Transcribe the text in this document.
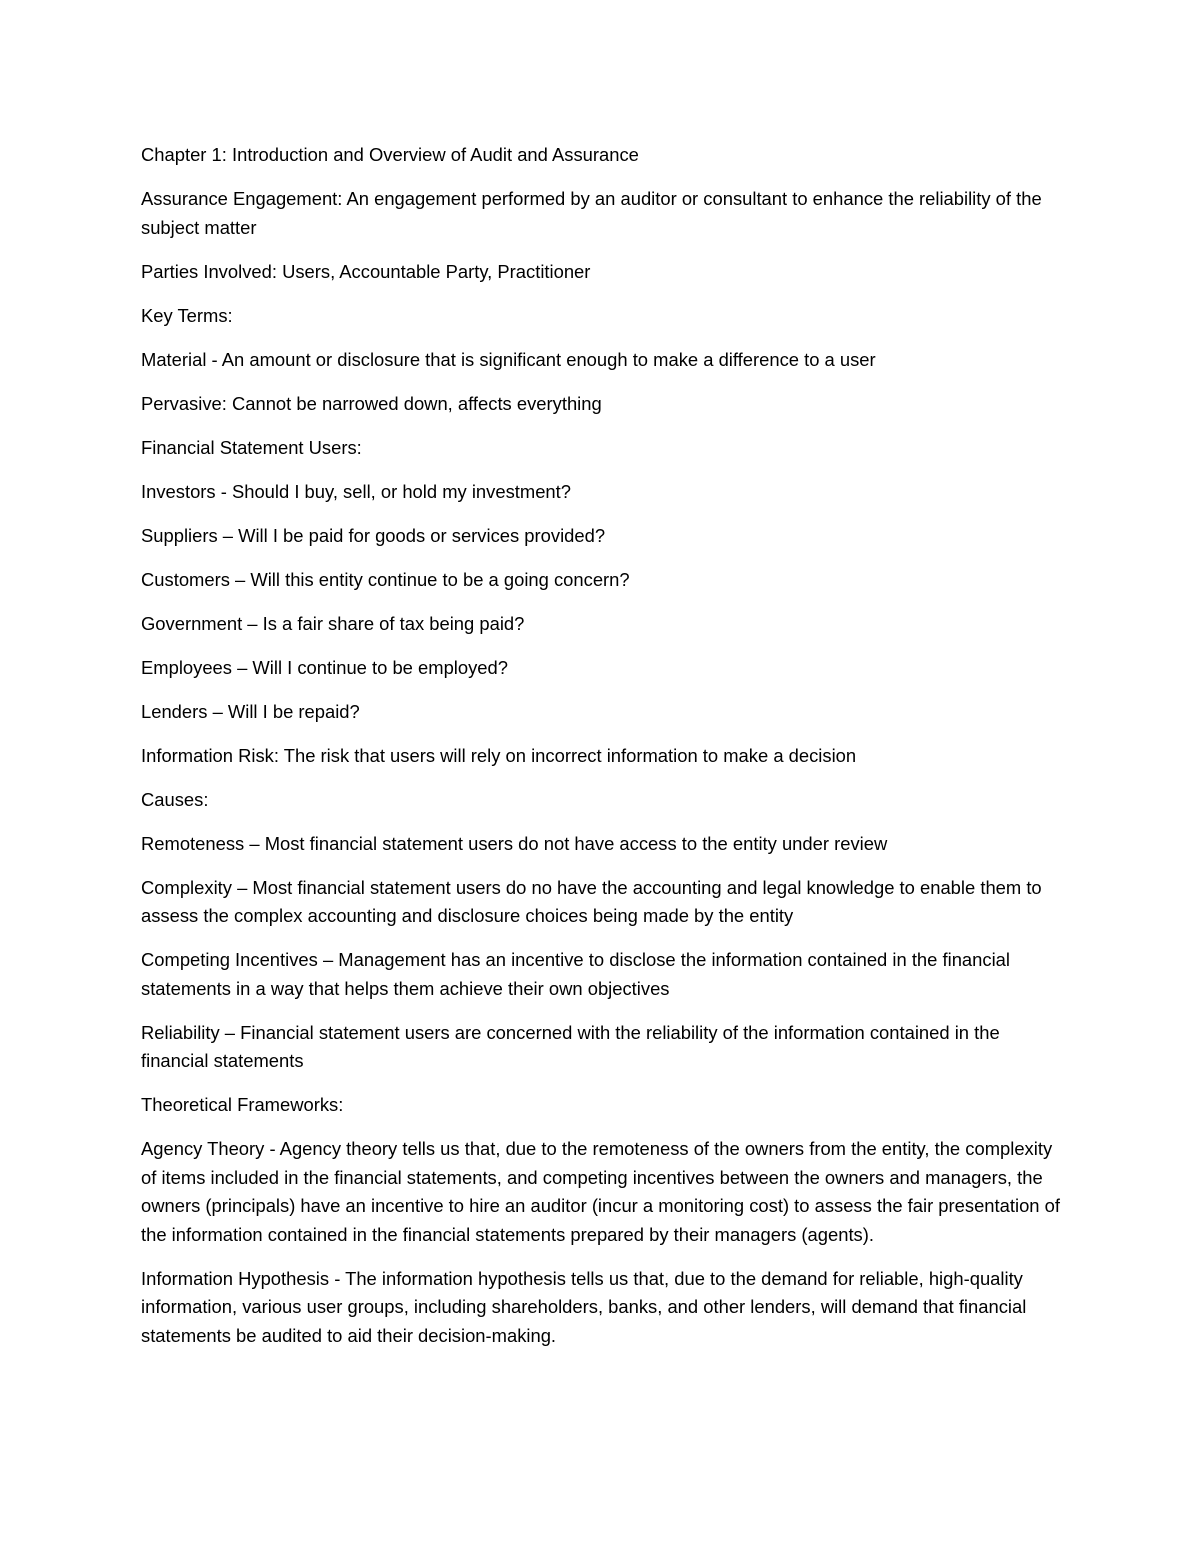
Chapter 1: Introduction and Overview of Audit and Assurance

Assurance Engagement: An engagement performed by an auditor or consultant to enhance the reliability of the subject matter

Parties Involved: Users, Accountable Party, Practitioner

Key Terms:

Material - An amount or disclosure that is significant enough to make a difference to a user

Pervasive: Cannot be narrowed down, affects everything

Financial Statement Users:

Investors - Should I buy, sell, or hold my investment?

Suppliers – Will I be paid for goods or services provided?

Customers – Will this entity continue to be a going concern?

Government – Is a fair share of tax being paid?

Employees – Will I continue to be employed?

Lenders – Will I be repaid?

Information Risk: The risk that users will rely on incorrect information to make a decision

Causes:

Remoteness – Most financial statement users do not have access to the entity under review

Complexity – Most financial statement users do no have the accounting and legal knowledge to enable them to assess the complex accounting and disclosure choices being made by the entity

Competing Incentives – Management has an incentive to disclose the information contained in the financial statements in a way that helps them achieve their own objectives

Reliability – Financial statement users are concerned with the reliability of the information contained in the financial statements

Theoretical Frameworks:

Agency Theory - Agency theory tells us that, due to the remoteness of the owners from the entity, the complexity of items included in the financial statements, and competing incentives between the owners and managers, the owners (principals) have an incentive to hire an auditor (incur a monitoring cost) to assess the fair presentation of the information contained in the financial statements prepared by their managers (agents).

Information Hypothesis - The information hypothesis tells us that, due to the demand for reliable, high-quality information, various user groups, including shareholders, banks, and other lenders, will demand that financial statements be audited to aid their decision-making.
